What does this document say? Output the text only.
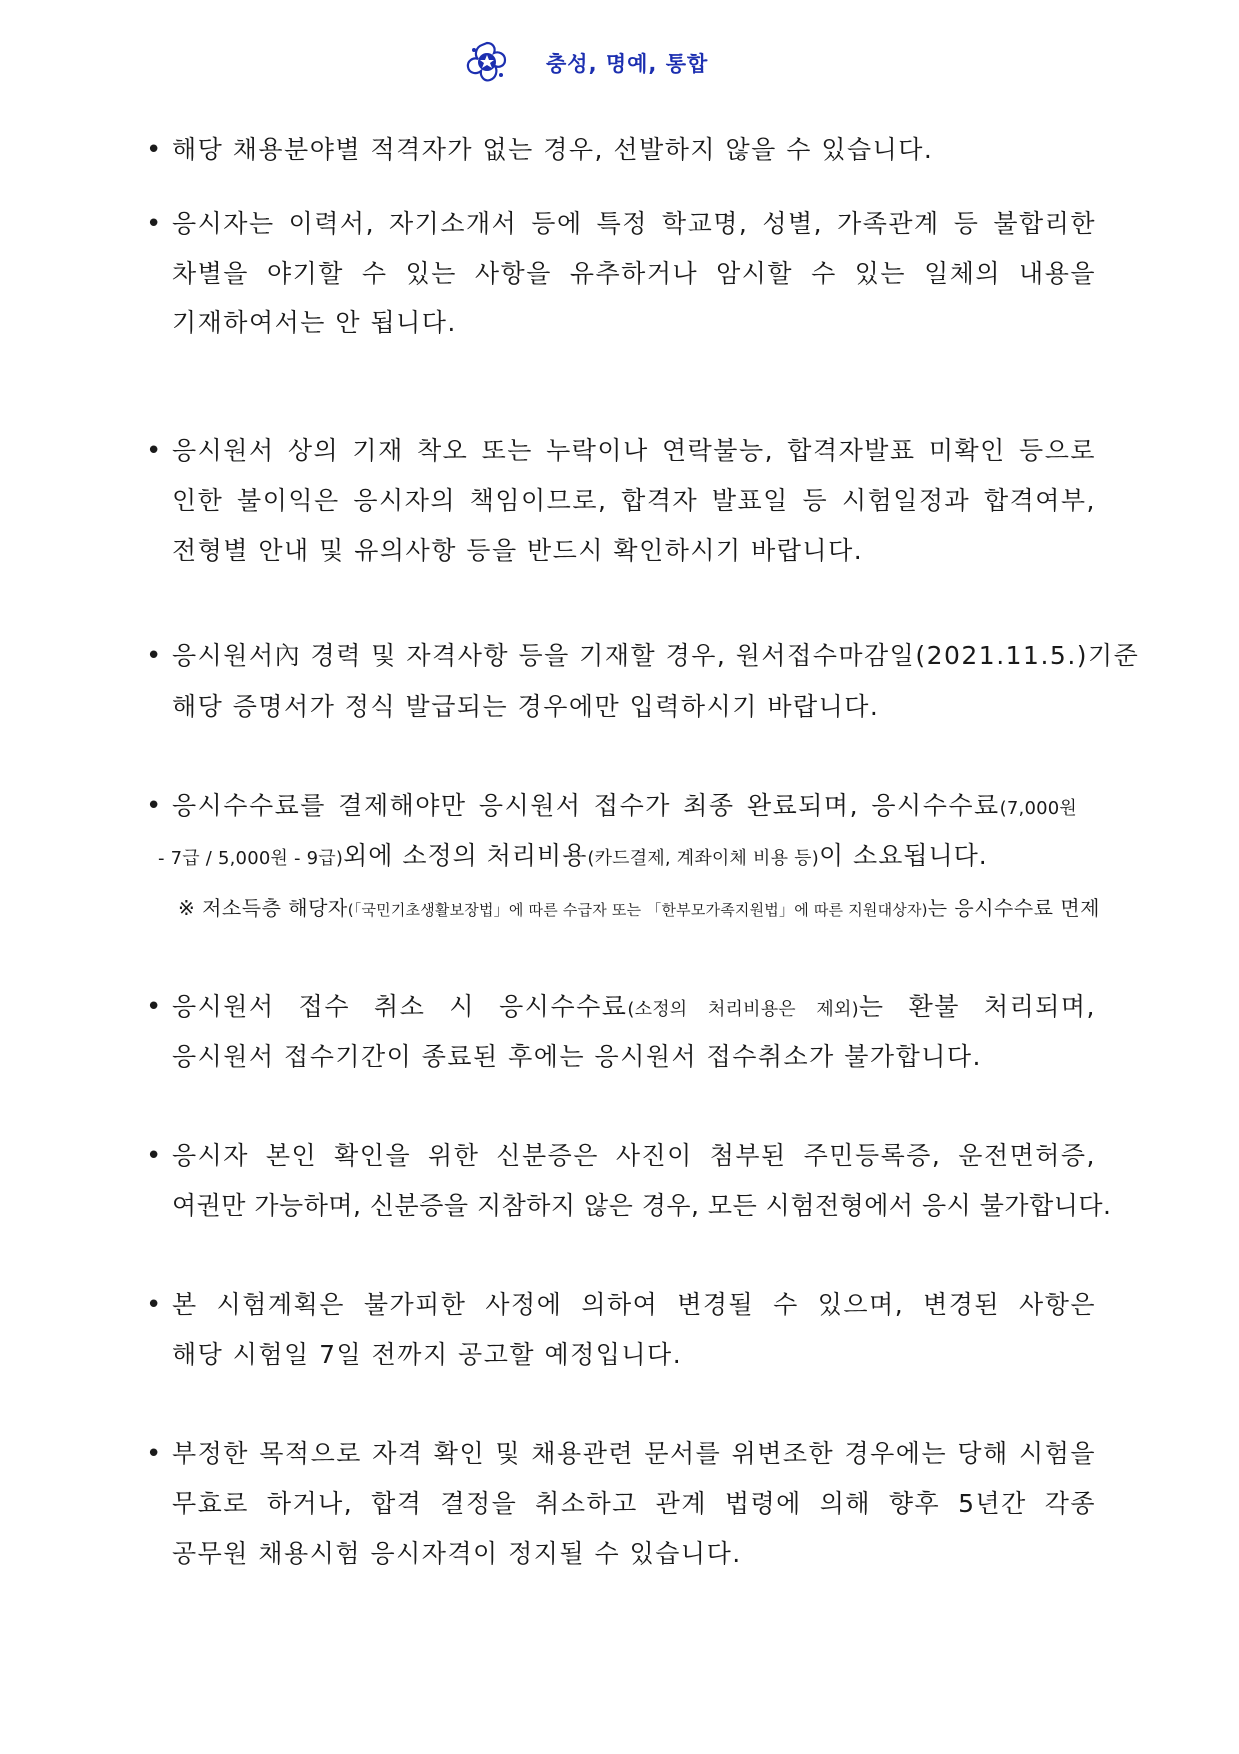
충성, 명예, 통합
• 해당 채용분야별 적격자가 없는 경우, 선발하지 않을 수 있습니다.
• 응시자는 이력서, 자기소개서 등에 특정 학교명, 성별, 가족관계 등 불합리한
차별을 야기할 수 있는 사항을 유추하거나 암시할 수 있는 일체의 내용을
기재하여서는 안 됩니다.
• 응시원서 상의 기재 착오 또는 누락이나 연락불능, 합격자발표 미확인 등으로
인한 불이익은 응시자의 책임이므로, 합격자 발표일 등 시험일정과 합격여부,
전형별 안내 및 유의사항 등을 반드시 확인하시기 바랍니다.
• 응시원서內 경력 및 자격사항 등을 기재할 경우, 원서접수마감일(2021.11.5.)기준
해당 증명서가 정식 발급되는 경우에만 입력하시기 바랍니다.
• 응시수수료를 결제해야만 응시원서 접수가 최종 완료되며, 응시수수료(7,000원
- 7급 / 5,000원 - 9급)외에 소정의 처리비용(카드결제, 계좌이체 비용 등)이 소요됩니다.
※ 저소득층 해당자(「국민기초생활보장법」에 따른 수급자 또는 「한부모가족지원법」에 따른 지원대상자)는 응시수수료 면제
• 응시원서 접수 취소 시 응시수수료(소정의 처리비용은 제외)는 환불 처리되며,
응시원서 접수기간이 종료된 후에는 응시원서 접수취소가 불가합니다.
• 응시자 본인 확인을 위한 신분증은 사진이 첨부된 주민등록증, 운전면허증,
여권만 가능하며, 신분증을 지참하지 않은 경우, 모든 시험전형에서 응시 불가합니다.
• 본 시험계획은 불가피한 사정에 의하여 변경될 수 있으며, 변경된 사항은
해당 시험일 7일 전까지 공고할 예정입니다.
• 부정한 목적으로 자격 확인 및 채용관련 문서를 위변조한 경우에는 당해 시험을
무효로 하거나, 합격 결정을 취소하고 관계 법령에 의해 향후 5년간 각종
공무원 채용시험 응시자격이 정지될 수 있습니다.
